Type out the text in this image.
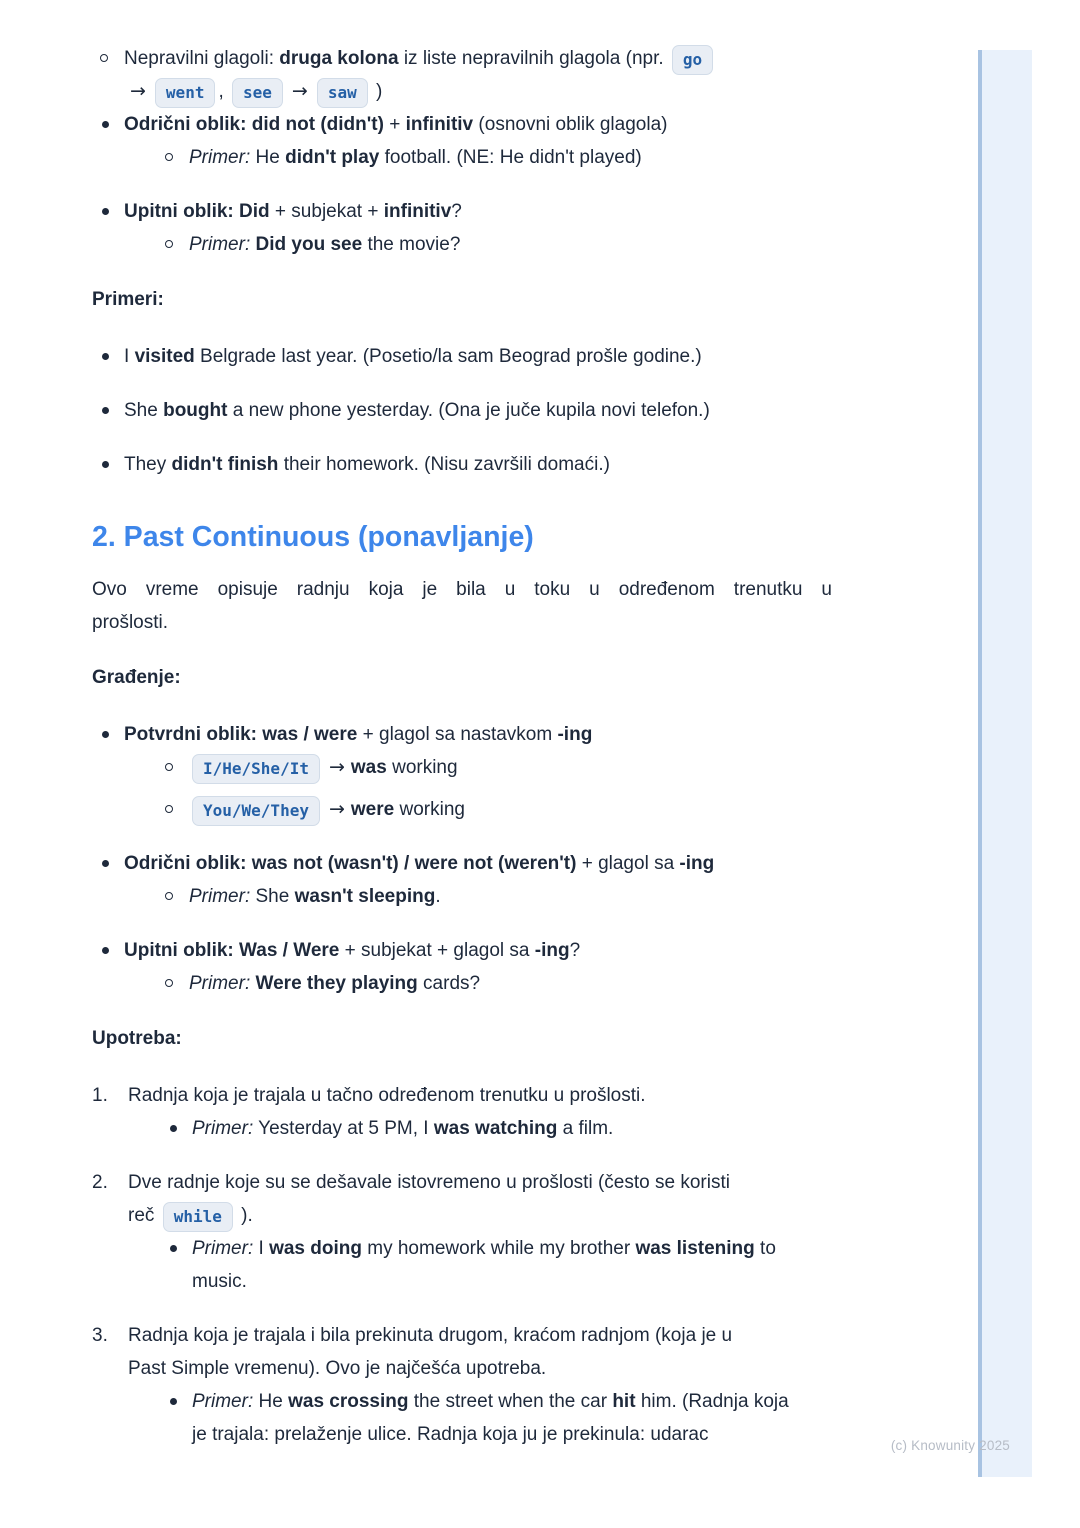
(c) Knowunity 2025
Nepravilni glagoli: druga kolona iz liste nepravilnih glagola (npr. go
→ went , see → saw )
Odrični oblik: did not (didn't) + infinitiv (osnovni oblik glagola)
Primer: He didn't play football. (NE: He didn't played)
Upitni oblik: Did + subjekat + infinitiv?
Primer: Did you see the movie?
Primeri:
I visited Belgrade last year. (Posetio/la sam Beograd prošle godine.)
She bought a new phone yesterday. (Ona je juče kupila novi telefon.)
They didn't finish their homework. (Nisu završili domaći.)
2. Past Continuous (ponavljanje)
Ovo vreme opisuje radnju koja je bila u toku u određenom trenutku u
prošlosti.
Građenje:
Potvrdni oblik: was / were + glagol sa nastavkom -ing
I/He/She/It → was working
You/We/They → were working
Odrični oblik: was not (wasn't) / were not (weren't) + glagol sa -ing
Primer: She wasn't sleeping.
Upitni oblik: Was / Were + subjekat + glagol sa -ing?
Primer: Were they playing cards?
Upotreba:
1. Radnja koja je trajala u tačno određenom trenutku u prošlosti.
Primer: Yesterday at 5 PM, I was watching a film.
2. Dve radnje koje su se dešavale istovremeno u prošlosti (često se koristi
reč while ).
Primer: I was doing my homework while my brother was listening to
music.
3. Radnja koja je trajala i bila prekinuta drugom, kraćom radnjom (koja je u
Past Simple vremenu). Ovo je najčešća upotreba.
Primer: He was crossing the street when the car hit him. (Radnja koja
je trajala: prelaženje ulice. Radnja koja ju je prekinula: udarac
